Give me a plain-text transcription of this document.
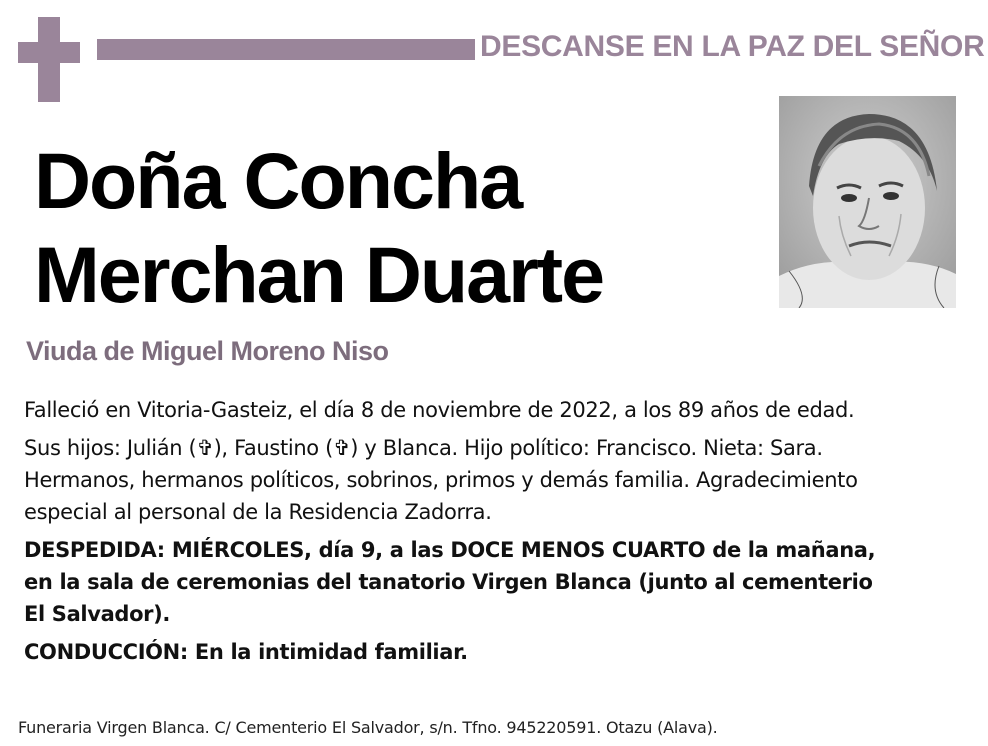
DESCANSE EN LA PAZ DEL SEÑOR
Doña Concha
Merchan Duarte
Viuda de Miguel Moreno Niso

Falleció en Vitoria-Gasteiz, el día 8 de noviembre de 2022, a los 89 años de edad.

Sus hijos: Julián (✞), Faustino (✞) y Blanca. Hijo político: Francisco. Nieta: Sara.
Hermanos, hermanos políticos, sobrinos, primos y demás familia. Agradecimiento
especial al personal de la Residencia Zadorra.

DESPEDIDA: MIÉRCOLES, día 9, a las DOCE MENOS CUARTO de la mañana,
en la sala de ceremonias del tanatorio Virgen Blanca (junto al cementerio
El Salvador).

CONDUCCIÓN: En la intimidad familiar.

Funeraria Virgen Blanca. C/ Cementerio El Salvador, s/n. Tfno. 945220591. Otazu (Alava).
